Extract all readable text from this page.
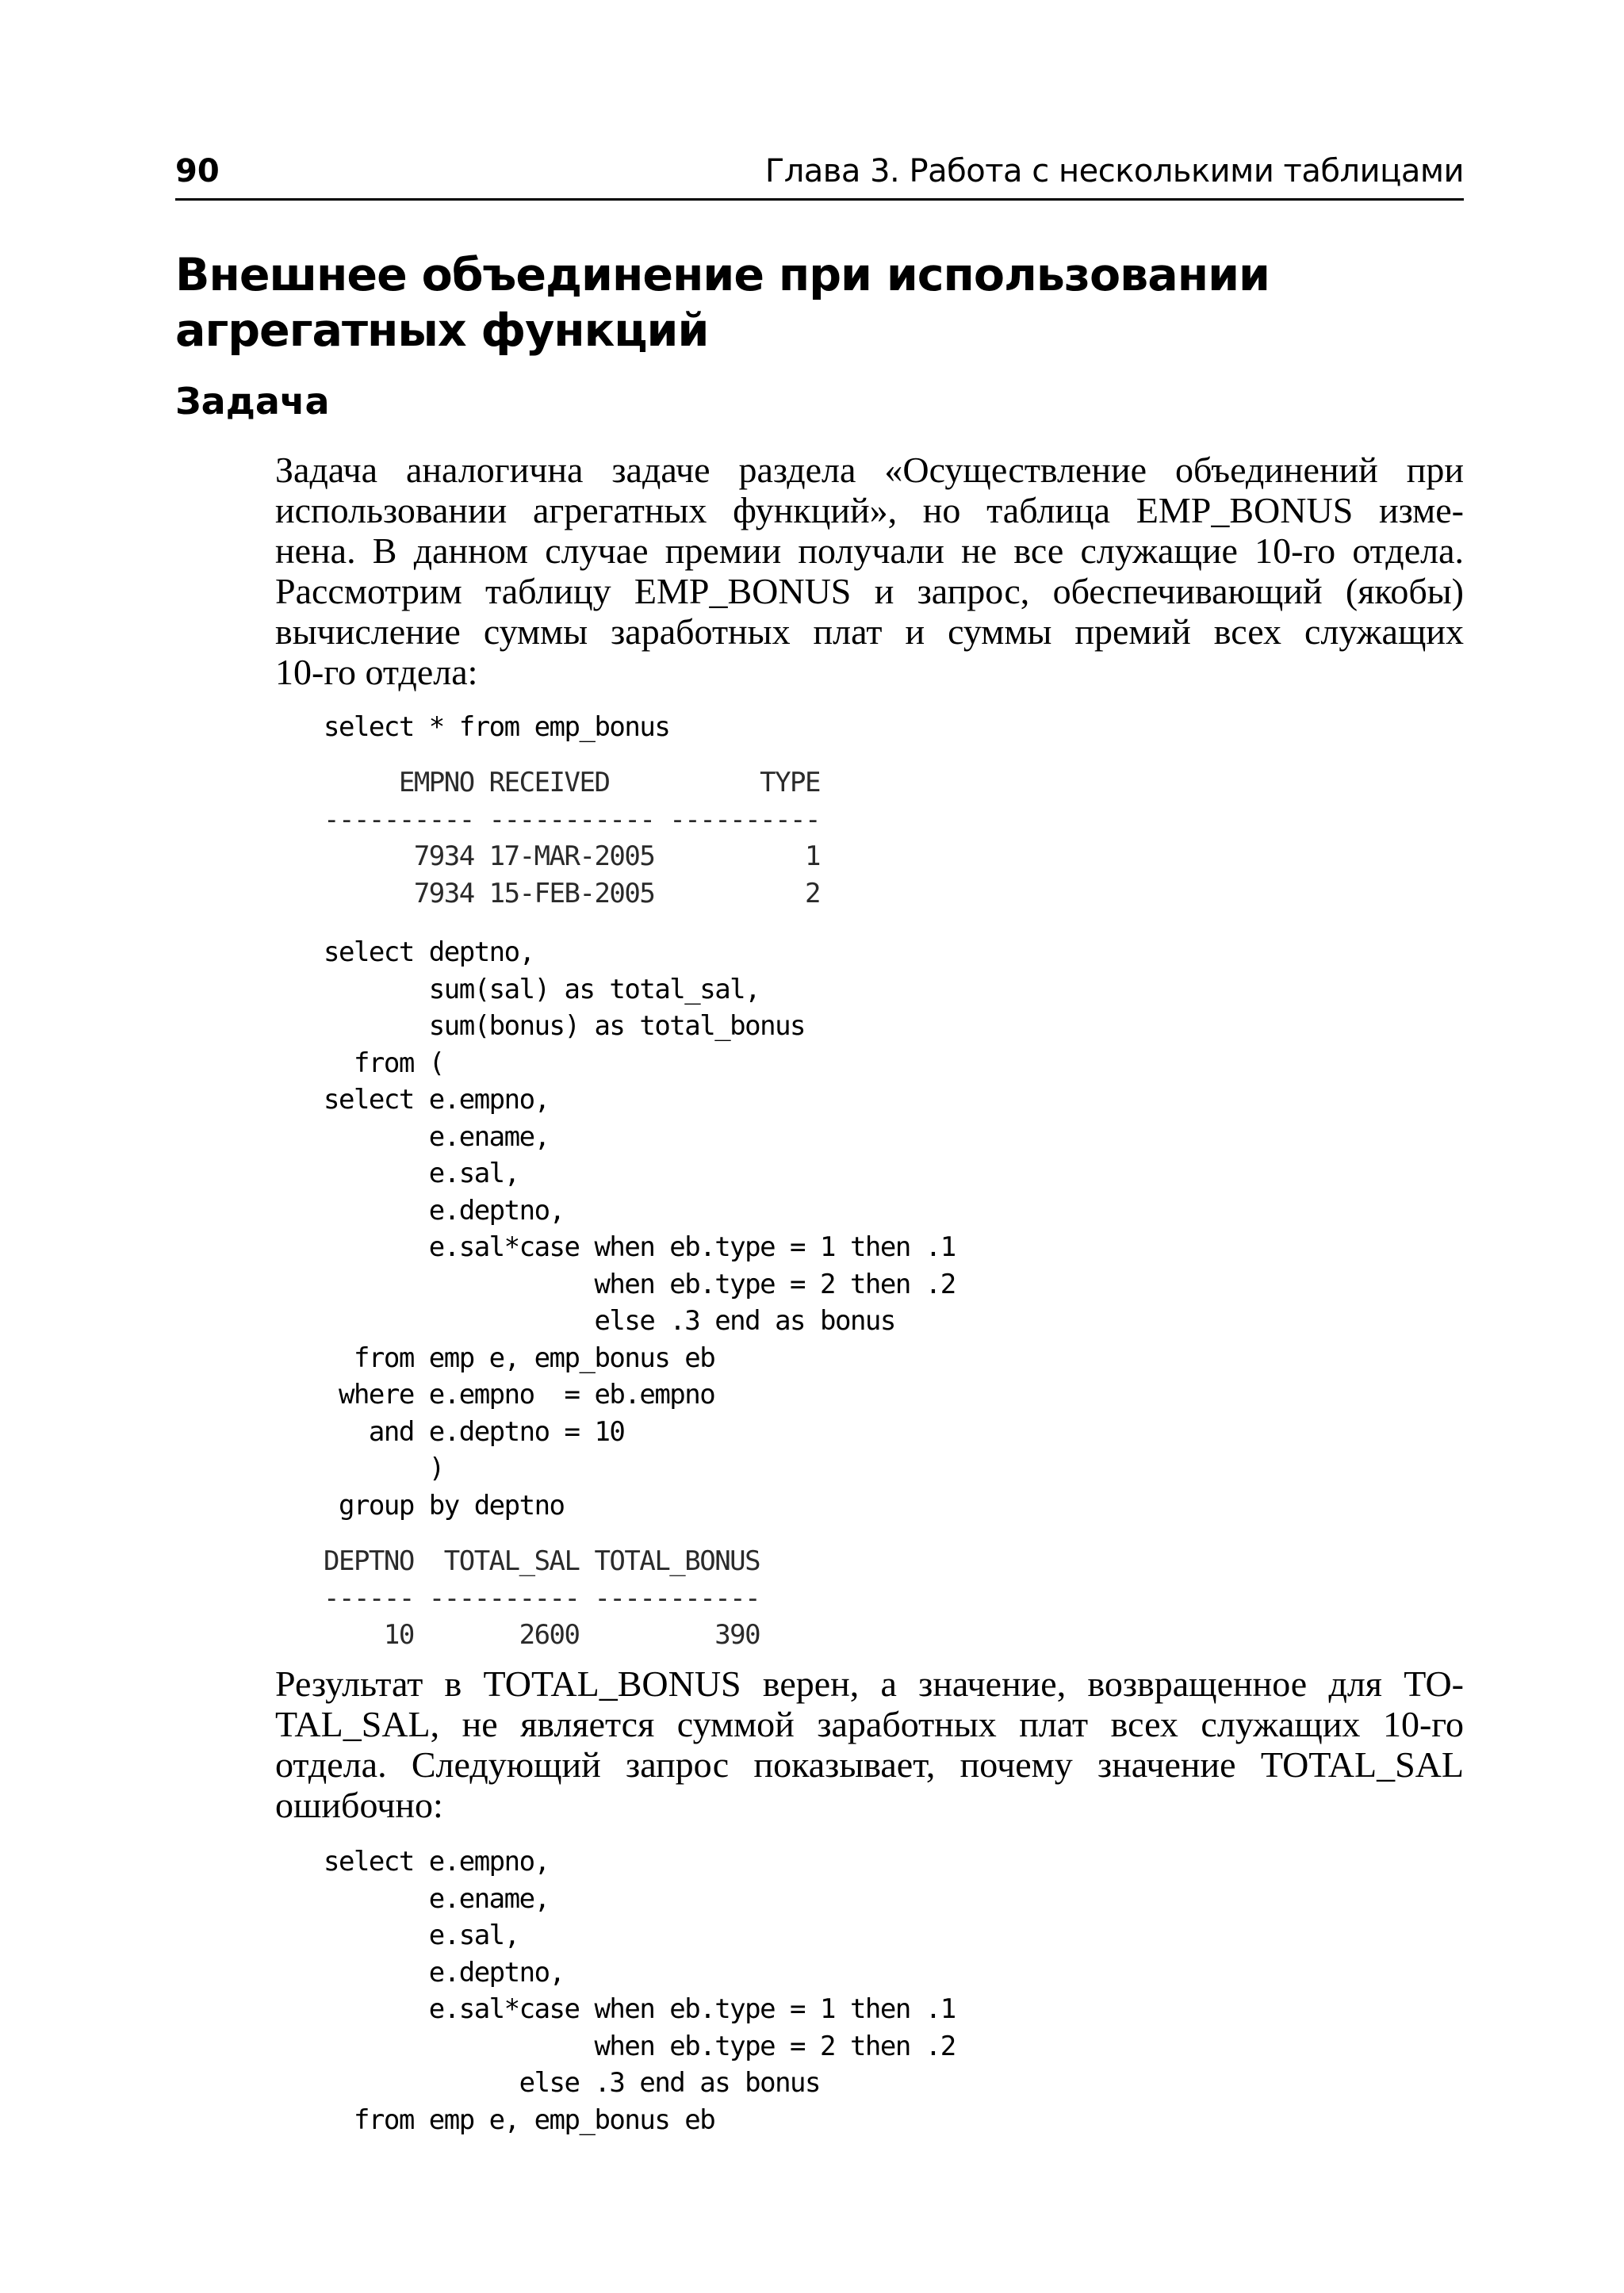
90	Глава 3. Работа с несколькими таблицами
Внешнее объединение при использовании
агрегатных функций
Задача

Задача аналогична задаче раздела «Осуществление объединений при
использовании агрегатных функций», но таблица EMP_BONUS изме-
нена. В данном случае премии получали не все служащие 10-го отдела.
Рассмотрим таблицу EMP_BONUS и запрос, обеспечивающий (якобы)
вычисление суммы заработных плат и суммы премий всех служащих
10-го отдела:

select * from emp_bonus
EMPNO RECEIVED          TYPE
---------- ----------- ----------
7934 17-MAR-2005          1
7934 15-FEB-2005          2
select deptno,
sum(sal) as total_sal,
sum(bonus) as total_bonus
from (
select e.empno,
e.ename,
e.sal,
e.deptno,
e.sal*case when eb.type = 1 then .1
when eb.type = 2 then .2
else .3 end as bonus
from emp e, emp_bonus eb
where e.empno  = eb.empno
and e.deptno = 10
)
group by deptno
DEPTNO  TOTAL_SAL TOTAL_BONUS
------ ---------- -----------
10       2600         390

Результат в TOTAL_BONUS верен, а значение, возвращенное для TO-
TAL_SAL, не является суммой заработных плат всех служащих 10-го
отдела. Следующий запрос показывает, почему значение TOTAL_SAL
ошибочно:

select e.empno,
e.ename,
e.sal,
e.deptno,
e.sal*case when eb.type = 1 then .1
when eb.type = 2 then .2
else .3 end as bonus
from emp e, emp_bonus eb
